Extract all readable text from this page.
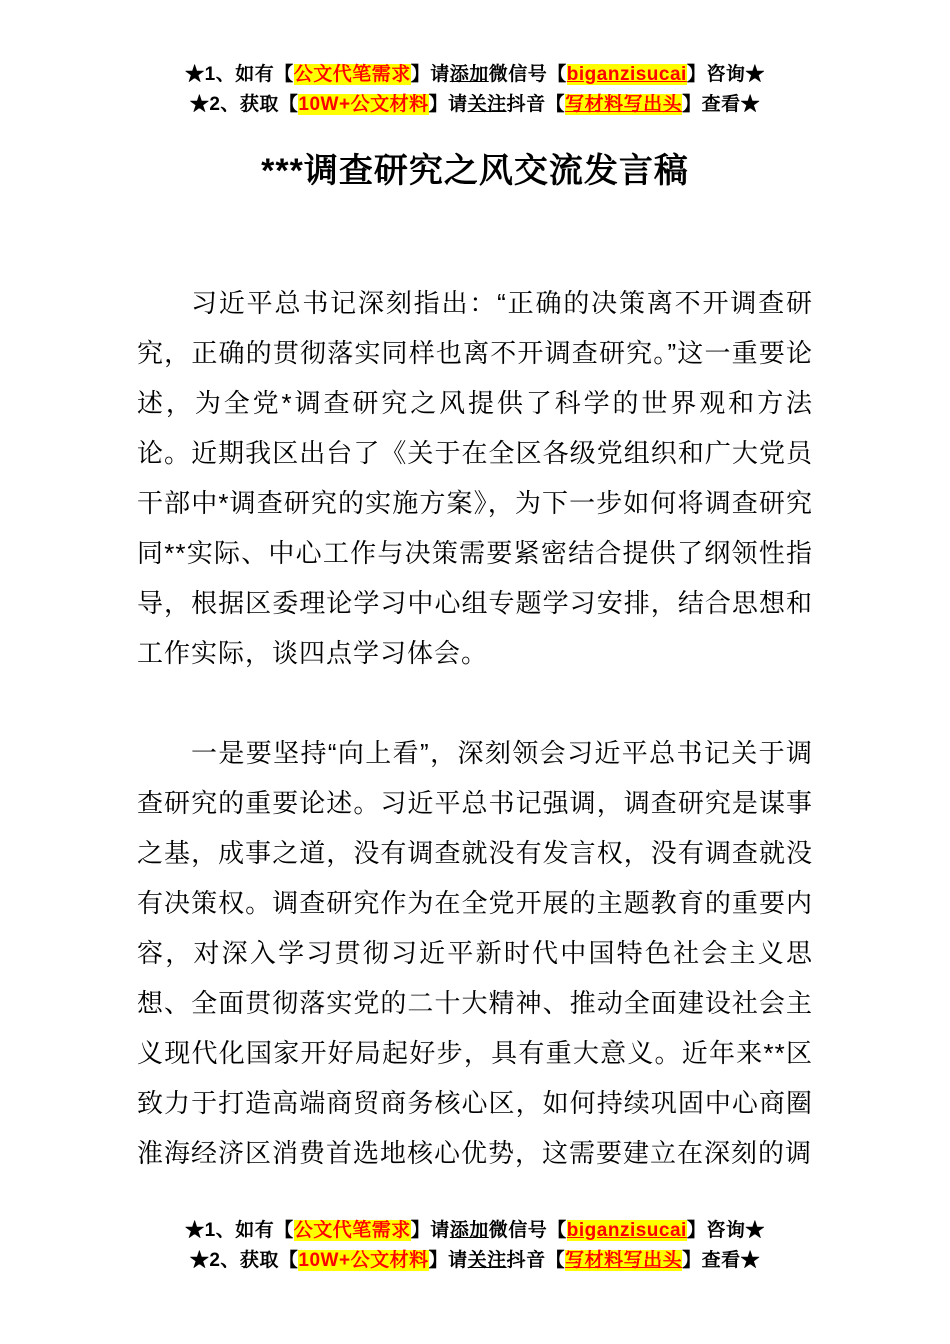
★1、如有【公文代笔需求】请添加微信号【biganzisucai】咨询★
★2、获取【10W+公文材料】请关注抖音【写材料写出头】查看★
***调查研究之风交流发言稿

习近平总书记深刻指出：“正确的决策离不开调查研究，正确的贯彻落实同样也离不开调查研究。”这一重要论述，为全党*调查研究之风提供了科学的世界观和方法论。近期我区出台了《关于在全区各级党组织和广大党员干部中*调查研究的实施方案》，为下一步如何将调查研究同**实际、中心工作与决策需要紧密结合提供了纲领性指导，根据区委理论学习中心组专题学习安排，结合思想和工作实际，谈四点学习体会。

一是要坚持“向上看”，深刻领会习近平总书记关于调查研究的重要论述。习近平总书记强调，调查研究是谋事之基，成事之道，没有调查就没有发言权，没有调查就没有决策权。调查研究作为在全党开展的主题教育的重要内容，对深入学习贯彻习近平新时代中国特色社会主义思想、全面贯彻落实党的二十大精神、推动全面建设社会主义现代化国家开好局起好步，具有重大意义。近年来**区致力于打造高端商贸商务核心区，如何持续巩固中心商圈淮海经济区消费首选地核心优势，这需要建立在深刻的调

★1、如有【公文代笔需求】请添加微信号【biganzisucai】咨询★
★2、获取【10W+公文材料】请关注抖音【写材料写出头】查看★
